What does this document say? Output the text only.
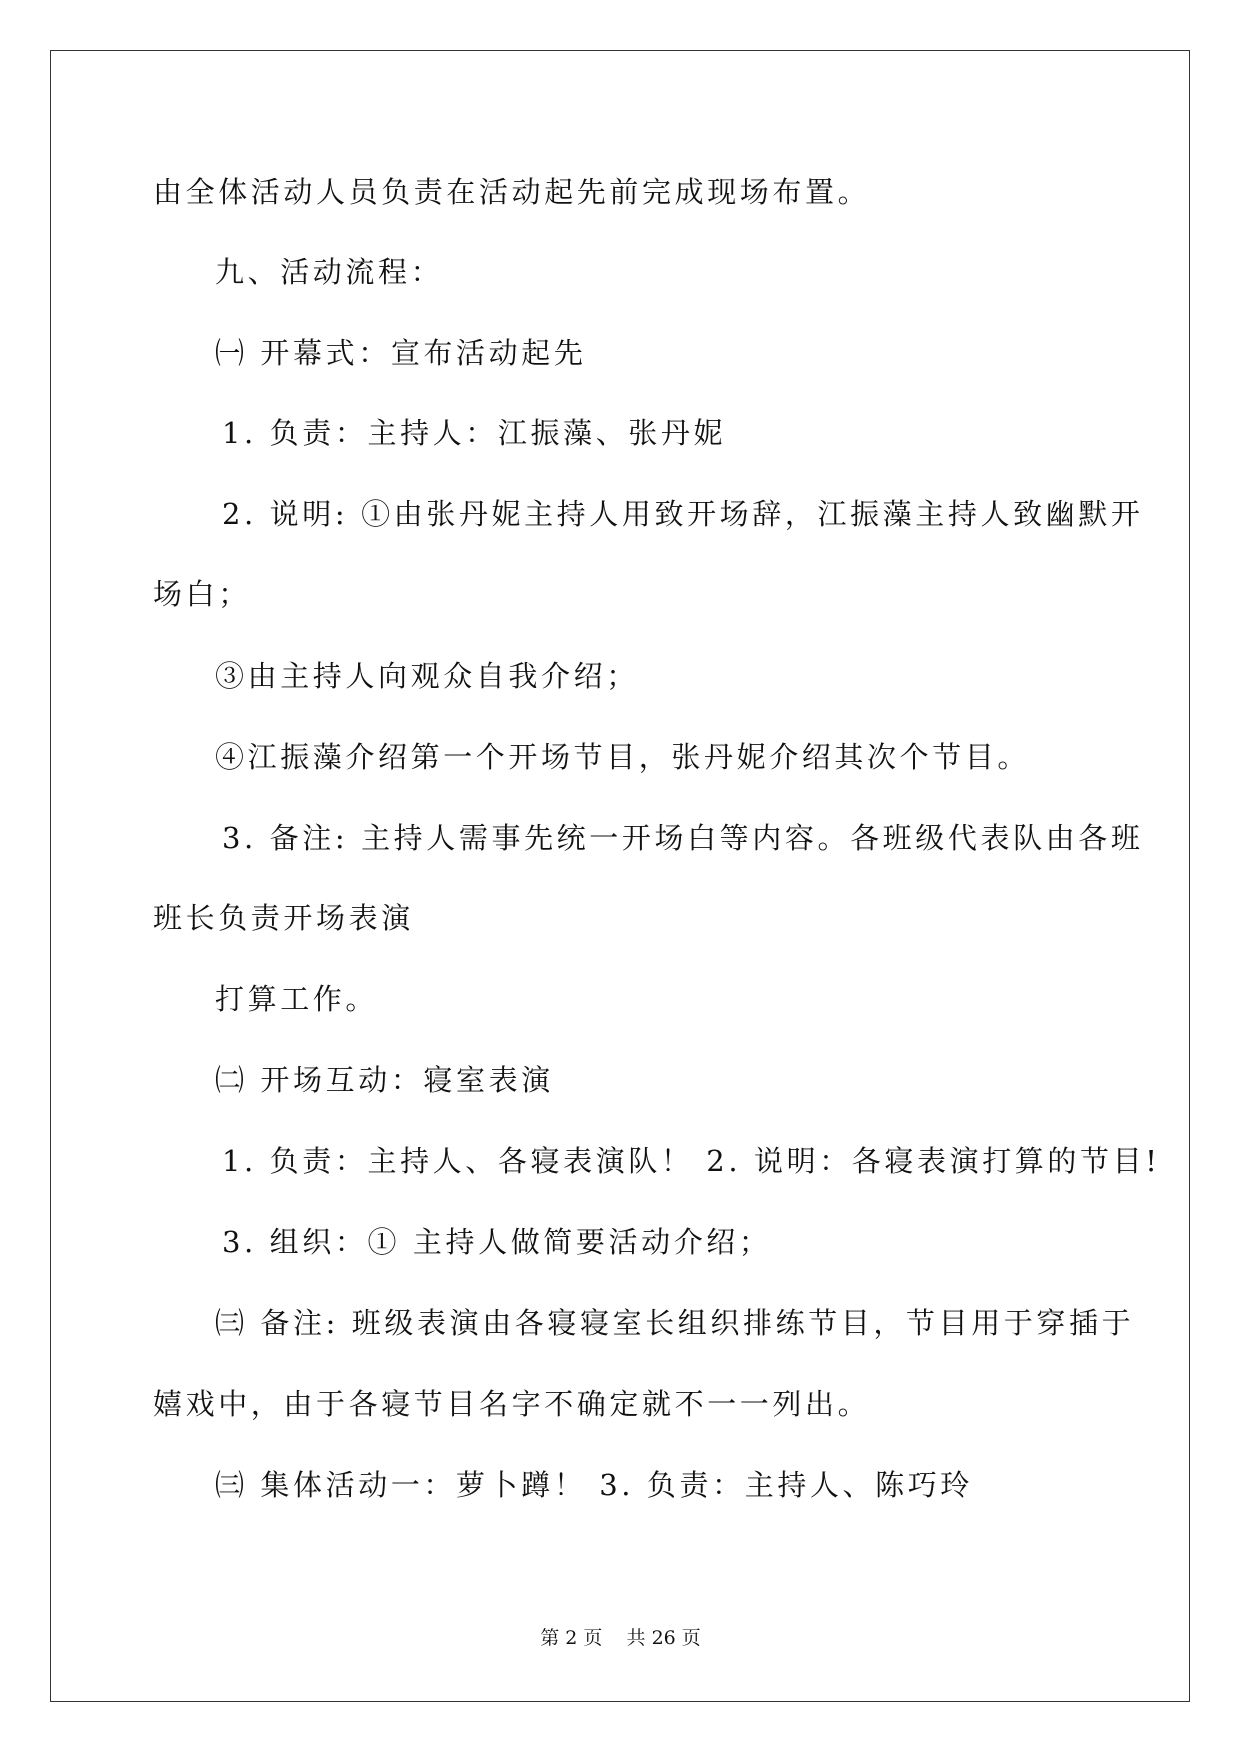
由全体活动人员负责在活动起先前完成现场布置。
九、活动流程：
㈠ 开幕式：宣布活动起先
1. 负责：主持人：江振藻、张丹妮
2. 说明: ①由张丹妮主持人用致开场辞，江振藻主持人致幽默开
场白；
③由主持人向观众自我介绍；
④江振藻介绍第一个开场节目，张丹妮介绍其次个节目。
3. 备注: 主持人需事先统一开场白等内容。各班级代表队由各班
班长负责开场表演
打算工作。
㈡ 开场互动：寝室表演
1. 负责：主持人、各寝表演队！ 2. 说明：各寝表演打算的节目!
3. 组织：① 主持人做简要活动介绍；
㈢ 备注: 班级表演由各寝寝室长组织排练节目，节目用于穿插于
嬉戏中，由于各寝节目名字不确定就不一一列出。
㈢ 集体活动一：萝卜蹲！ 3. 负责：主持人、陈巧玲
第 2 页    共 26 页
